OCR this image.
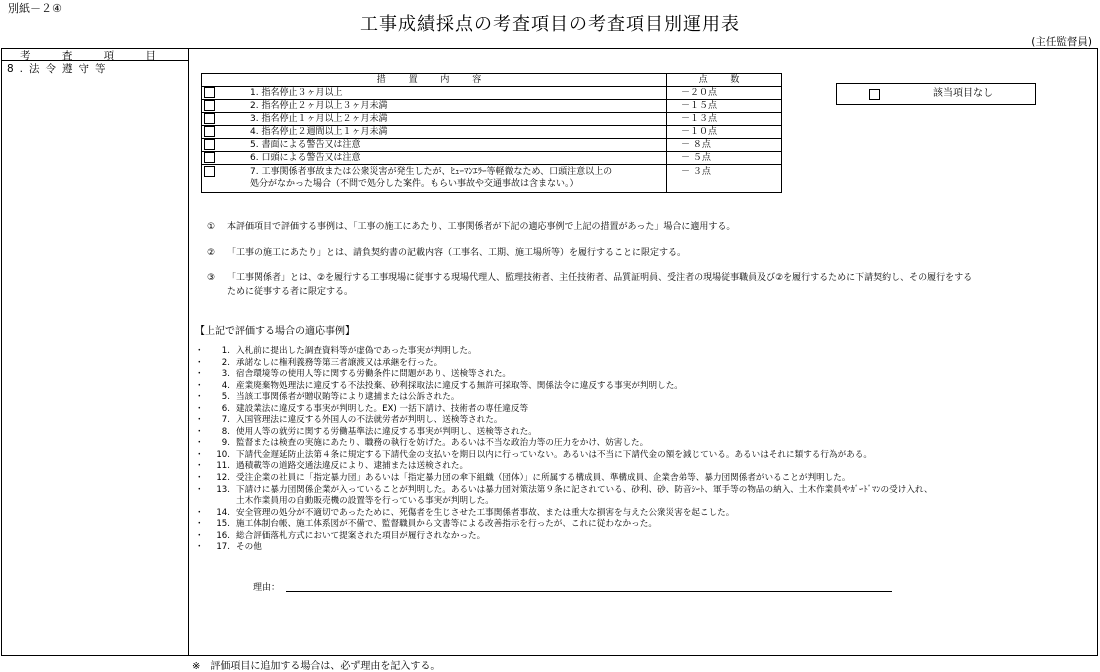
別紙－２④
工事成績採点の考査項目の考査項目別運用表
(主任監督員)
考 査 項 目
8.法令遵守等
措 置 内 容		点 数
	1. 指名停止３ヶ月以上	－２０点
	2. 指名停止２ヶ月以上３ヶ月未満	－１５点
	3. 指名停止１ヶ月以上２ヶ月未満	－１３点
	4. 指名停止２週間以上１ヶ月未満	－１０点
	5. 書面による警告又は注意	－ ８点
	6. 口頭による警告又は注意	－ ５点

	7. 工事関係者事故または公衆災害が発生したが、ﾋｭｰﾏﾝｴﾗｰ等軽微なため、口頭注意以上の
処分がなかった場合（不問で処分した案件。もらい事故や交通事故は含まない。）	－ ３点
該当項目なし
① 本評価項目で評価する事例は、「工事の施工にあたり、工事関係者が下記の適応事例で上記の措置があった」場合に適用する。
② 「工事の施工にあたり」とは、請負契約書の記載内容（工事名、工期、施工場所等）を履行することに限定する。
③ 「工事関係者」とは、②を履行する工事現場に従事する現場代理人、監理技術者、主任技術者、品質証明員、受注者の現場従事職員及び②を履行するために下請契約し、その履行をする
ために従事する者に限定する。
【上記で評価する場合の適応事例】
・ 1. 入札前に提出した調査資料等が虚偽であった事実が判明した。
・ 2. 承諾なしに権利義務等第三者譲渡又は承継を行った。
・ 3. 宿舎環境等の使用人等に関する労働条件に問題があり、送検等された。
・ 4. 産業廃棄物処理法に違反する不法投棄、砂利採取法に違反する無許可採取等、関係法令に違反する事実が判明した。
・ 5. 当該工事関係者が贈収賄等により逮捕または公訴された。
・ 6. 建設業法に違反する事実が判明した。EX) 一括下請け、技術者の専任違反等
・ 7. 入国管理法に違反する外国人の不法就労者が判明し、送検等された。
・ 8. 使用人等の就労に関する労働基準法に違反する事実が判明し、送検等された。
・ 9. 監督または検査の実施にあたり、職務の執行を妨げた。あるいは不当な政治力等の圧力をかけ、妨害した。
・ 10. 下請代金遅延防止法第４条に規定する下請代金の支払いを期日以内に行っていない。あるいは不当に下請代金の額を減じている。あるいはそれに類する行為がある。
・ 11. 過積載等の道路交通法違反により、逮捕または送検された。
・ 12. 受注企業の社員に「指定暴力団」あるいは「指定暴力団の傘下組織（団体）」に所属する構成員、準構成員、企業舎弟等、暴力団関係者がいることが判明した。
・ 13. 下請けに暴力団関係企業が入っていることが判明した。あるいは暴力団対策法第９条に記されている、砂利、砂、防音ｼｰﾄ、軍手等の物品の納入、土木作業員やｶﾞｰﾄﾞﾏﾝの受け入れ、
土木作業員用の自動販売機の設置等を行っている事実が判明した。
・ 14. 安全管理の処分が不適切であったために、死傷者を生じさせた工事関係者事故、または重大な損害を与えた公衆災害を起こした。
・ 15. 施工体制台帳、施工体系図が不備で、監督職員から文書等による改善指示を行ったが、これに従わなかった。
・ 16. 総合評価落札方式において提案された項目が履行されなかった。
・ 17. その他
理由：
※　評価項目に追加する場合は、必ず理由を記入する。
